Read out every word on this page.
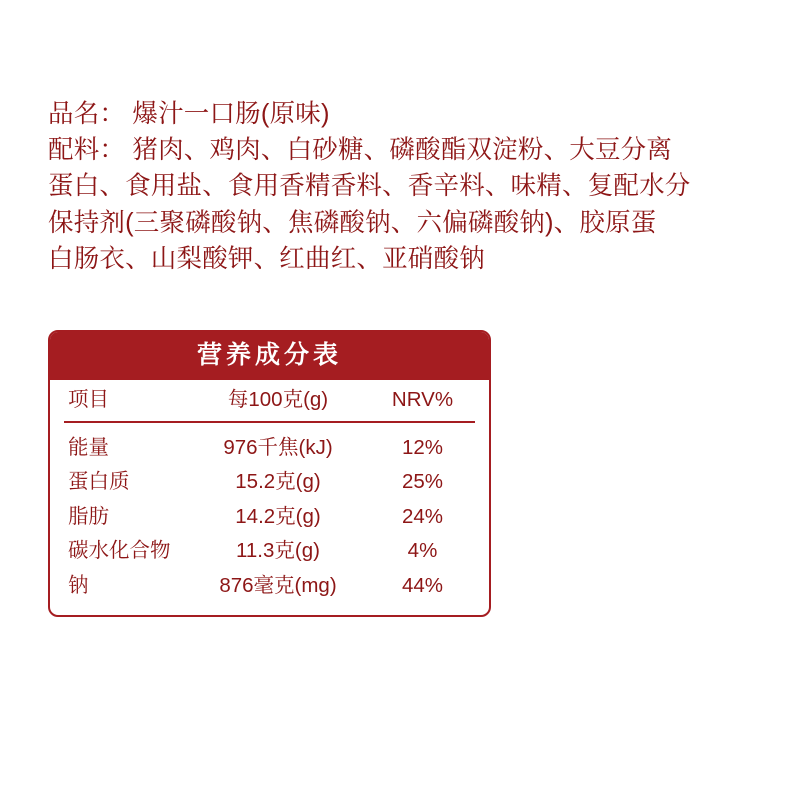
品名： 爆汁一口肠(原味)
配料： 猪肉、鸡肉、白砂糖、磷酸酯双淀粉、大豆分离
蛋白、食用盐、食用香精香料、香辛料、味精、复配水分
保持剂(三聚磷酸钠、焦磷酸钠、六偏磷酸钠)、胶原蛋
白肠衣、山梨酸钾、红曲红、亚硝酸钠
营养成分表
项目	每100克(g)	NRV%
能量	976千焦(kJ)	12%
蛋白质	15.2克(g)	25%
脂肪	14.2克(g)	24%
碳水化合物	11.3克(g)	4%
钠	876毫克(mg)	44%
